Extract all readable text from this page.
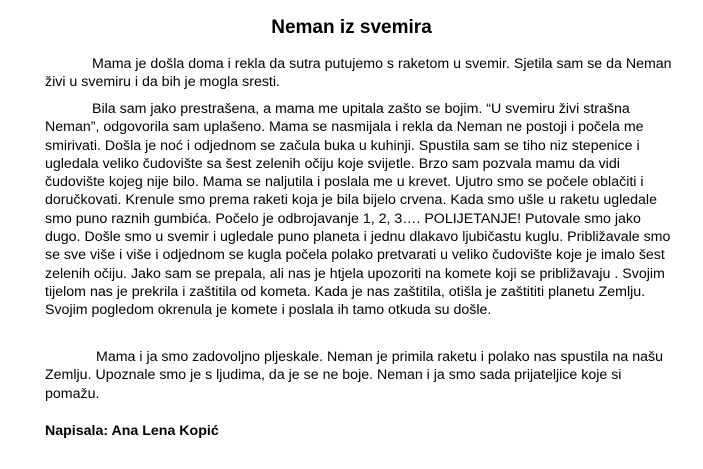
Neman iz svemira

Mama je došla doma i rekla da sutra putujemo s raketom u svemir. Sjetila sam se da Neman živi u svemiru i da bih je mogla sresti.

Bila sam jako prestrašena, a mama me upitala zašto se bojim. “U svemiru živi strašna Neman”, odgovorila sam uplašeno. Mama se nasmijala i rekla da Neman ne postoji i počela me smirivati. Došla je noć i odjednom se začula buka u kuhinji. Spustila sam se tiho niz stepenice i ugledala veliko čudovište sa šest zelenih očiju koje svijetle. Brzo sam pozvala mamu da vidi čudovište kojeg nije bilo. Mama se naljutila i poslala me u krevet. Ujutro smo se počele oblačiti i doručkovati. Krenule smo prema raketi koja je bila bijelo crvena. Kada smo ušle u raketu ugledale smo puno raznih gumbića. Počelo je odbrojavanje 1, 2, 3…. POLIJETANJE! Putovale smo jako dugo. Došle smo u svemir i ugledale puno planeta i jednu dlakavo ljubičastu kuglu. Približavale smo se sve više i više i odjednom se kugla počela polako pretvarati u veliko čudovište koje je imalo šest zelenih očiju. Jako sam se prepala, ali nas je htjela upozoriti na komete koji se približavaju . Svojim tijelom nas je prekrila i zaštitila od kometa. Kada je nas zaštitila, otišla je zaštititi planetu Zemlju. Svojim pogledom okrenula je komete i poslala ih tamo otkuda su došle.

Mama i ja smo zadovoljno pljeskale. Neman je primila raketu i polako nas spustila na našu Zemlju. Upoznale smo je s ljudima, da je se ne boje. Neman i ja smo sada prijateljice koje si pomažu.

Napisala: Ana Lena Kopić
